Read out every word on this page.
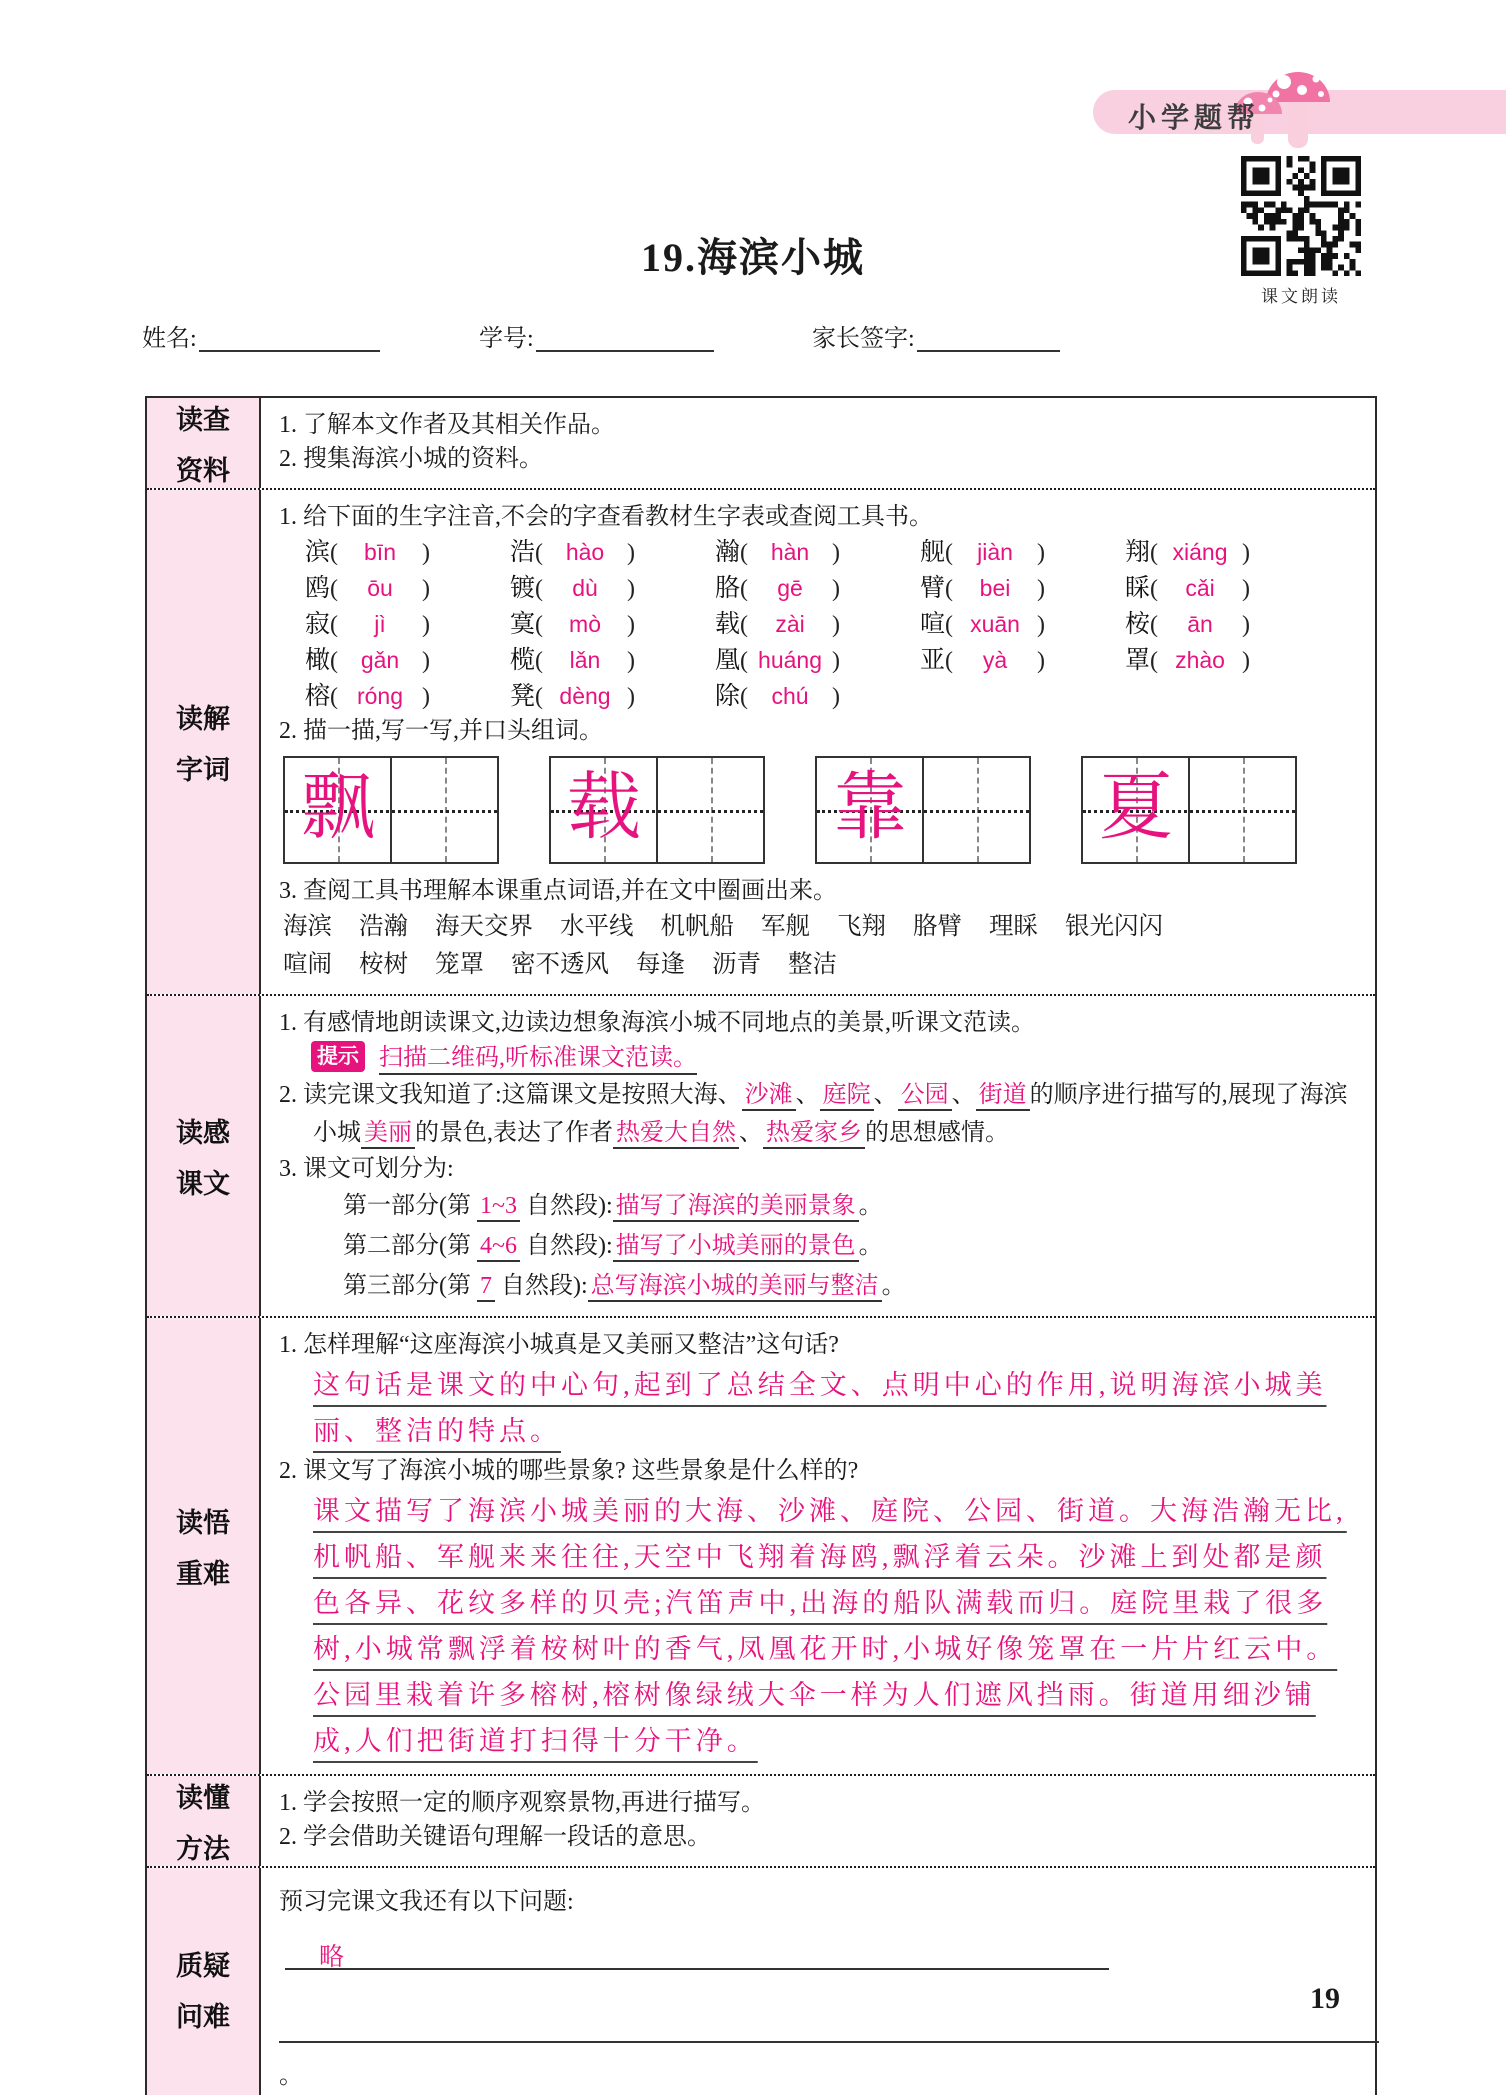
小学题帮
课文朗读
19.海滨小城
姓名:	学号:	家长签字:
读查
资料
1. 了解本文作者及其相关作品。
2. 搜集海滨小城的资料。
读解
字词
1. 给下面的生字注音,不会的字查看教材生字表或查阅工具书。
滨( bīn )	浩( hào )	瀚( hàn )	舰( jiàn )	翔( xiáng )
鸥( ōu )	镀( dù )	胳( gē )	臂( bei )	睬( cǎi )
寂( jì )	寞( mò )	载( zài )	喧( xuān )	桉( ān )
橄( gǎn )	榄( lǎn )	凰( huáng )	亚( yà )	罩( zhào )
榕( róng )	凳( dèng )	除( chú )
2. 描一描,写一写,并口头组词。
飘	载	靠	夏
3. 查阅工具书理解本课重点词语,并在文中圈画出来。
海滨 浩瀚 海天交界 水平线 机帆船 军舰 飞翔 胳臂 理睬 银光闪闪
喧闹 桉树 笼罩 密不透风 每逢 沥青 整洁
读感
课文
1. 有感情地朗读课文,边读边想象海滨小城不同地点的美景,听课文范读。
提示 扫描二维码,听标准课文范读。
2. 读完课文我知道了:这篇课文是按照大海、 沙滩 、 庭院 、 公园 、 街道 的顺序进行描写的,展现了海滨小城 美丽 的景色,表达了作者 热爱大自然 、 热爱家乡 的思想感情。
3. 课文可划分为:
第一部分(第 1~3 自然段): 描写了海滨的美丽景象 。
第二部分(第 4~6 自然段): 描写了小城美丽的景色 。
第三部分(第 7 自然段): 总写海滨小城的美丽与整洁 。
读悟
重难
1. 怎样理解“这座海滨小城真是又美丽又整洁”这句话?
这句话是课文的中心句,起到了总结全文、点明中心的作用,说明海滨小城美丽、整洁的特点。
2. 课文写了海滨小城的哪些景象? 这些景象是什么样的?
课文描写了海滨小城美丽的大海、沙滩、庭院、公园、街道。大海浩瀚无比,机帆船、军舰来来往往,天空中飞翔着海鸥,飘浮着云朵。沙滩上到处都是颜色各异、花纹多样的贝壳;汽笛声中,出海的船队满载而归。庭院里栽了很多树,小城常飘浮着桉树叶的香气,凤凰花开时,小城好像笼罩在一片片红云中。公园里栽着许多榕树,榕树像绿绒大伞一样为人们遮风挡雨。街道用细沙铺成,人们把街道打扫得十分干净。
读懂
方法
1. 学会按照一定的顺序观察景物,再进行描写。
2. 学会借助关键语句理解一段话的意思。
质疑
问难
预习完课文我还有以下问题:略
。
19
